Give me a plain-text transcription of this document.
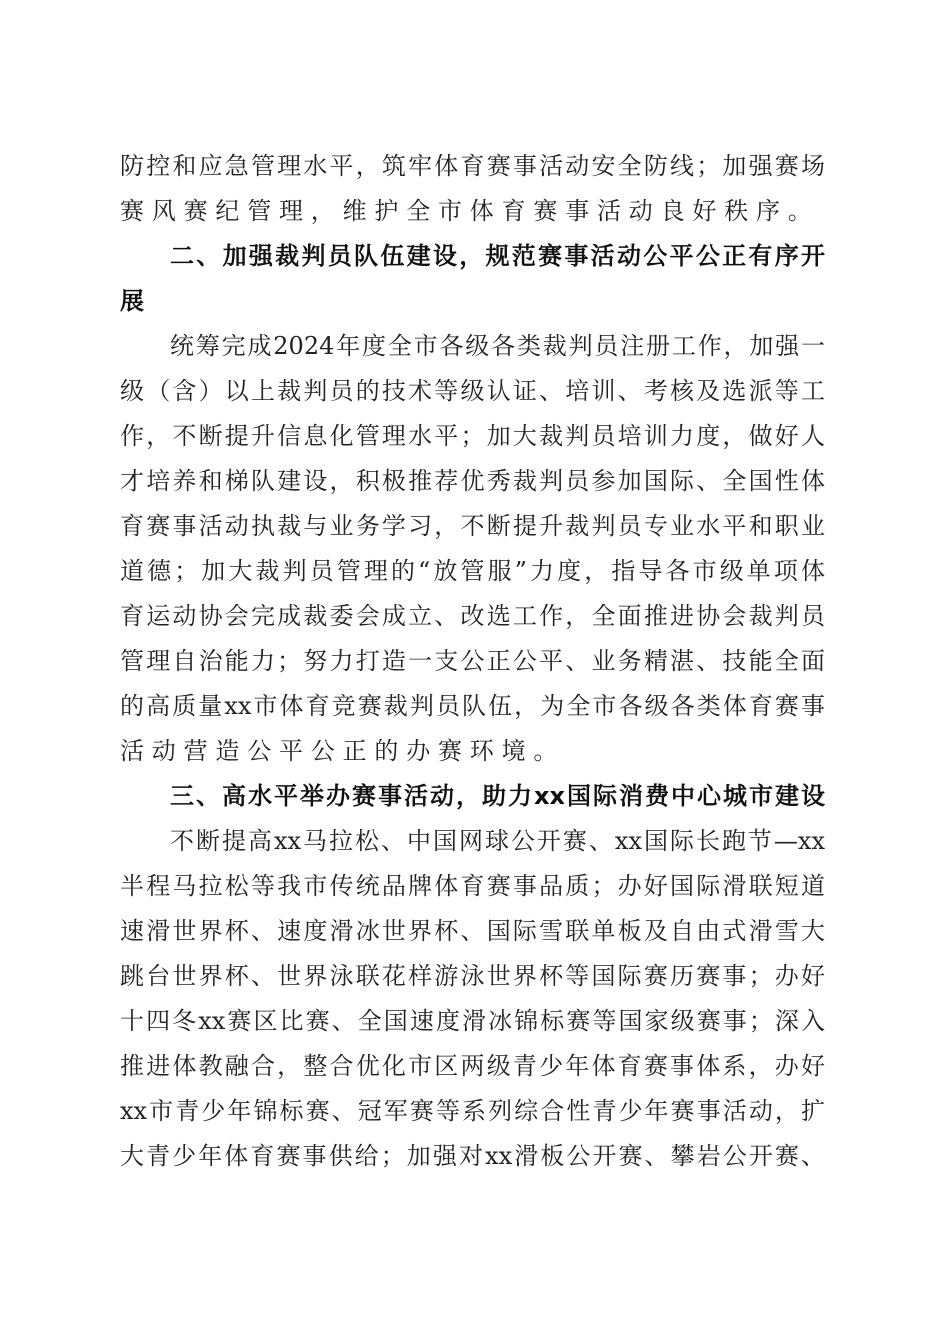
防控和应急管理水平，筑牢体育赛事活动安全防线；加强赛场
赛风赛纪管理，维护全市体育赛事活动良好秩序。
二、加强裁判员队伍建设，规范赛事活动公平公正有序开
展
统筹完成2024年度全市各级各类裁判员注册工作，加强一
级（含）以上裁判员的技术等级认证、培训、考核及选派等工
作，不断提升信息化管理水平；加大裁判员培训力度，做好人
才培养和梯队建设，积极推荐优秀裁判员参加国际、全国性体
育赛事活动执裁与业务学习，不断提升裁判员专业水平和职业
道德；加大裁判员管理的“放管服”力度，指导各市级单项体
育运动协会完成裁委会成立、改选工作，全面推进协会裁判员
管理自治能力；努力打造一支公正公平、业务精湛、技能全面
的高质量xx市体育竞赛裁判员队伍，为全市各级各类体育赛事
活动营造公平公正的办赛环境。
三、高水平举办赛事活动，助力xx国际消费中心城市建设
不断提高xx马拉松、中国网球公开赛、xx国际长跑节—xx
半程马拉松等我市传统品牌体育赛事品质；办好国际滑联短道
速滑世界杯、速度滑冰世界杯、国际雪联单板及自由式滑雪大
跳台世界杯、世界泳联花样游泳世界杯等国际赛历赛事；办好
十四冬xx赛区比赛、全国速度滑冰锦标赛等国家级赛事；深入
推进体教融合，整合优化市区两级青少年体育赛事体系，办好
xx市青少年锦标赛、冠军赛等系列综合性青少年赛事活动，扩
大青少年体育赛事供给；加强对xx滑板公开赛、攀岩公开赛、
